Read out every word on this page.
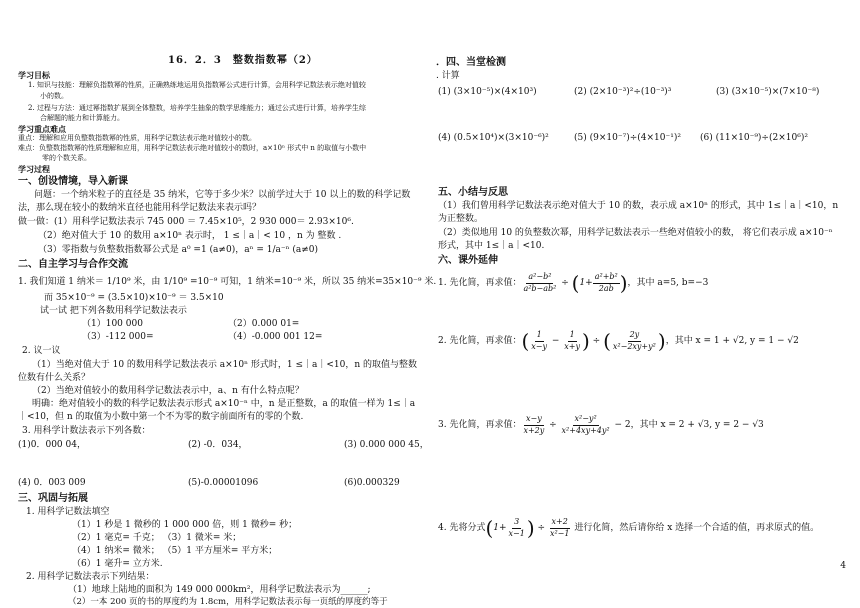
16．2．3　整数指数幂（2）
学习目标
1. 知识与技能：理解负指数幂的性质，正确熟练地运用负指数幂公式进行计算，会用科学记数法表示绝对值较
小的数。
2. 过程与方法：通过幂指数扩展到全体整数，培养学生抽象的数学思维能力；通过公式进行计算，培养学生综
合解题的能力和计算能力。
学习重点难点
重点：理解和应用负整数指数幂的性质，用科学记数法表示绝对值较小的数。
难点：负整数指数幂的性质理解和应用，用科学记数法表示绝对值较小的数时，a×10ⁿ 形式中 n 的取值与小数中
零的个数关系。
学习过程
一、创设情境，导入新课
问题：一个纳米粒子的直径是 35 纳米，它等于多少米？以前学过大于 10 以上的数的科学记数
法，那么现在较小的数纳米直径也能用科学记数法来表示吗？
做一做：(1）用科学记数法表示 745 000 ＝ 7.45×10⁵，2 930 000＝ 2.93×10⁶.
（2）绝对值大于 10 的数用 a×10ⁿ 表示时， 1 ≤｜a｜< 10 ，n 为 整数 .
（3）零指数与负整数指数幂公式是 a⁰ =1 (a≠0)，aⁿ = 1/a⁻ⁿ (a≠0)
二、自主学习与合作交流
1. 我们知道 1 纳米＝ 1/10⁹ 米，由 1/10⁹ =10⁻⁹ 可知，1 纳米=10⁻⁹ 米，所以 35 纳米=35×10⁻⁹ 米.
而 35×10⁻⁹ = (3.5×10)×10⁻⁹ ＝ 3.5×10
试一试 把下列各数用科学记数法表示
（1）100 000	（2）0.000 01=
（3）-112 000=	（4）-0.000 001 12=
2. 议一议
（1）当绝对值大于 10 的数用科学记数法表示 a×10ⁿ 形式时，1 ≤｜a｜<10，n 的取值与整数
位数有什么关系？
（2）当绝对值较小的数用科学记数法表示中，a、n 有什么特点呢？
明确：绝对值较小的数的科学记数法表示形式 a×10⁻ⁿ 中，n 是正整数，a 的取值一样为 1≤｜a
｜<10，但 n 的取值为小数中第一个不为零的数字前面所有的零的个数.
3. 用科学计数法表示下列各数：
(1)0．000 04，	(2) -0．034，	(3) 0.000 000 45，
(4) 0．003 009	(5)-0.00001096	(6)0.000329
三、巩固与拓展
1. 用科学记数法填空
（1）1 秒是 1 微秒的 1 000 000 倍，则 1 微秒= 秒；
（2）1 毫克= 千克； （3）1 微米= 米；
（4）1 纳米= 微米； （5）1 平方厘米= 平方米；
（6）1 毫升= 立方米.
2. 用科学记数法表示下列结果：
（1）地球上陆地的面积为 149 000 000km²，用科学记数法表示为______;
（2）一本 200 页的书的厚度约为 1.8cm，用科学记数法表示每一页纸的厚度约等于
．四、当堂检测
. 计算
(1) (3×10⁻⁵)×(4×10³)	(2) (2×10⁻³)²÷(10⁻³)³	(3) (3×10⁻⁵)×(7×10⁻⁸)
(4) (0.5×10⁴)×(3×10⁻⁶)²	(5) (9×10⁻⁷)÷(4×10⁻¹)² (6) (11×10⁻⁹)÷(2×10⁶)²
五、小结与反思
（1）我们曾用科学记数法表示绝对值大于 10 的数，表示成 a×10ⁿ 的形式，其中 1≤｜a｜<10，n
为正整数。
（2）类似地用 10 的负整数次幂，用科学记数法表示一些绝对值较小的数， 将它们表示成 a×10⁻ⁿ
形式，其中 1≤｜a｜<10.
六、课外延伸
1. 先化简，再求值： $\frac{\text{a²−b²}}{\text{a²b−ab²}}$ ÷ ( $1+ \frac{\text{a²+b²}}{2ab}$ ) ，其中 a=5, b=−3
2. 先化简，再求值： ( $\frac{1}{x-y} - \frac{1}{x+y}$ ) ÷ ( $\frac{2y}{\text{x²−2xy+y²}}$ ) ，其中 x = 1 + √2, y = 1 − √2
3. 先化简，再求值： $\frac{x-y}{x+2y} \div \frac{\text{x²−y²}}{\text{x²+4xy+4y²}}$
− 2，其中 x = 2 + √3, y = 2 − √3
4. 先将分式 ( $1+ \frac{3}{x-1}$ ) ÷ $\frac{x+2}{\text{x²−1}}$
进行化简，然后请你给 x 选择一个合适的值，再求原式的值。
4
